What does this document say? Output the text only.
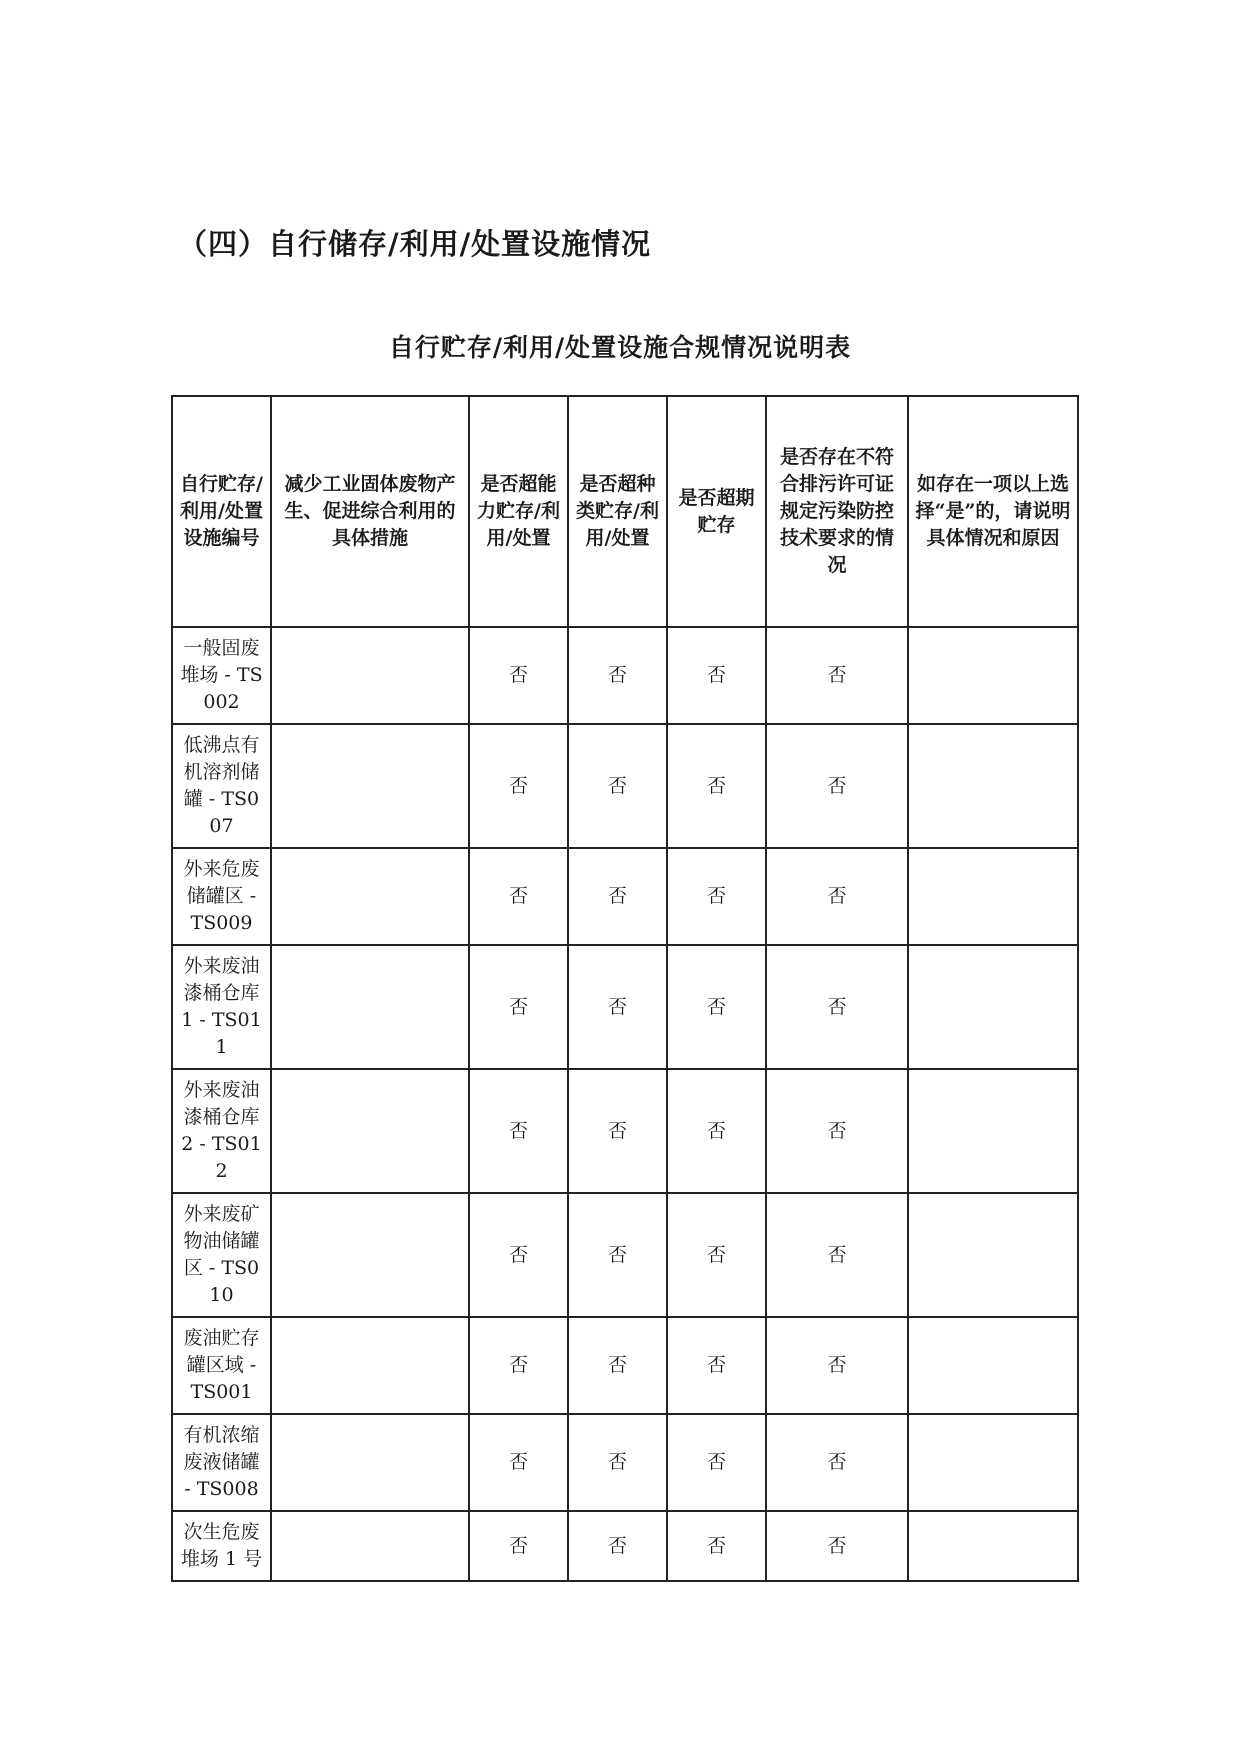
（四）自行储存/利用/处置设施情况
自行贮存/利用/处置设施合规情况说明表
自行贮存/利用/处置设施编号	减少工业固体废物产生、促进综合利用的具体措施	是否超能力贮存/利用/处置	是否超种类贮存/利用/处置	是否超期贮存	是否存在不符合排污许可证规定污染防控技术要求的情况	如存在一项以上选择“是”的，请说明具体情况和原因
一般固废堆场 - TS002		否	否	否	否	
低沸点有机溶剂储罐 - TS007		否	否	否	否	
外来危废储罐区 - TS009		否	否	否	否	
外来废油漆桶仓库 1 - TS011		否	否	否	否	
外来废油漆桶仓库 2 - TS012		否	否	否	否	
外来废矿物油储罐区 - TS010		否	否	否	否	
废油贮存罐区域 - TS001		否	否	否	否	
有机浓缩废液储罐 - TS008		否	否	否	否	
次生危废堆场 1 号		否	否	否	否	
